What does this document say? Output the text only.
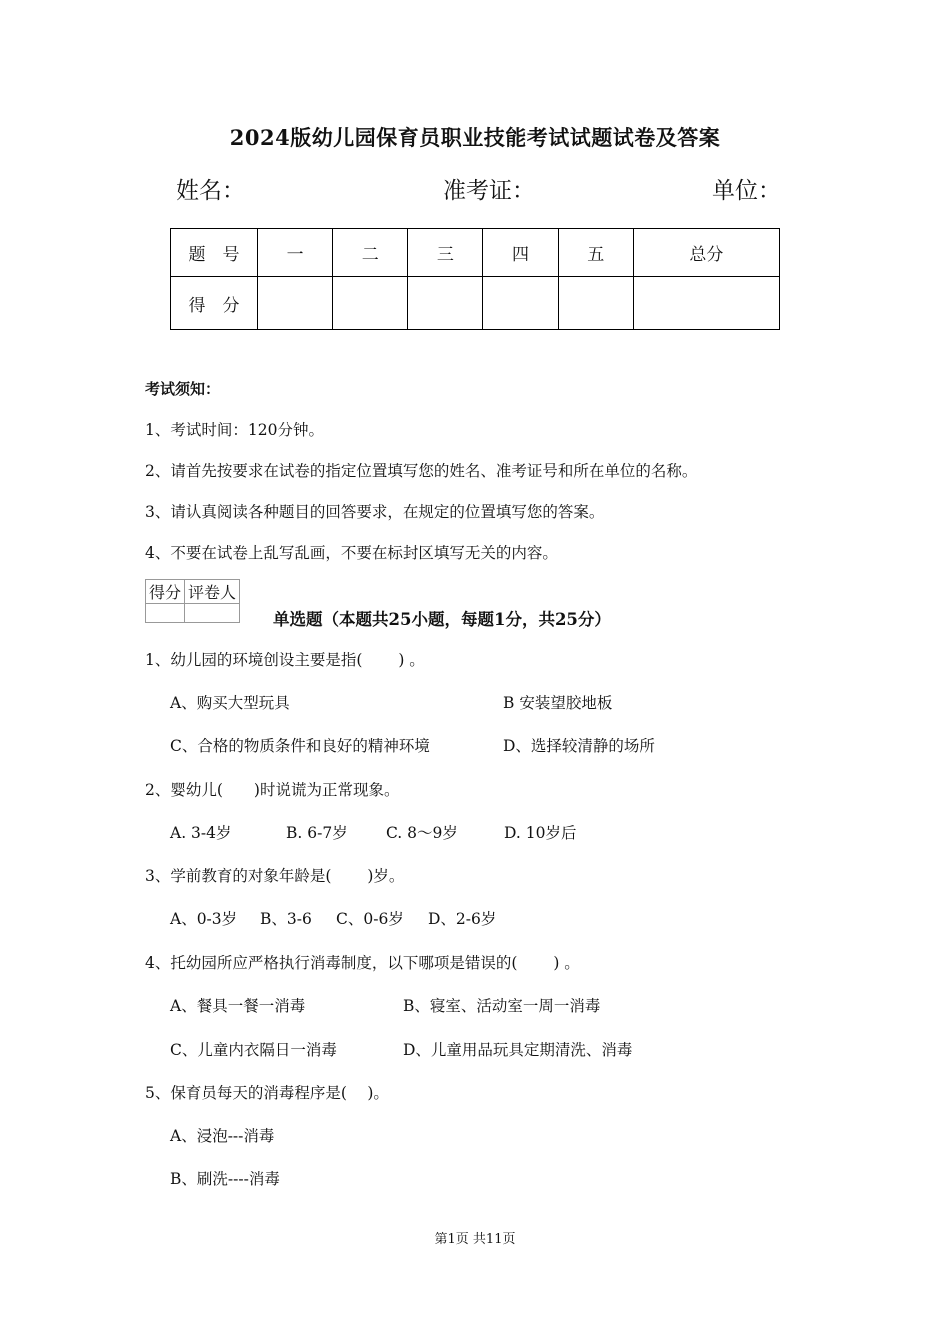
2024版幼儿园保育员职业技能考试试题试卷及答案
姓名：	准考证：	单位：
题　号	一	二	三	四	五	总分
得　分						
考试须知：
1、考试时间：120分钟。
2、请首先按要求在试卷的指定位置填写您的姓名、准考证号和所在单位的名称。
3、请认真阅读各种题目的回答要求，在规定的位置填写您的答案。
4、不要在试卷上乱写乱画，不要在标封区填写无关的内容。
得分	评卷人

单选题（本题共25小题，每题1分，共25分）
1、幼儿园的环境创设主要是指(　　 ) 。
A、购买大型玩具	B 安装望胶地板
C、合格的物质条件和良好的精神环境	D、选择较清静的场所
2、婴幼儿(　　)时说谎为正常现象。
A. 3-4岁	B. 6-7岁 C. 8～9岁	D. 10岁后
3、学前教育的对象年龄是(　　 )岁。
A、0-3岁 B、3-6 C、0-6岁 D、2-6岁
4、托幼园所应严格执行消毒制度，以下哪项是错误的(　　 ) 。
A、餐具一餐一消毒	B、寝室、活动室一周一消毒
C、儿童内衣隔日一消毒	D、儿童用品玩具定期清洗、消毒
5、保育员每天的消毒程序是(　 )。
A、浸泡---消毒
B、刷洗----消毒
第1页 共11页
